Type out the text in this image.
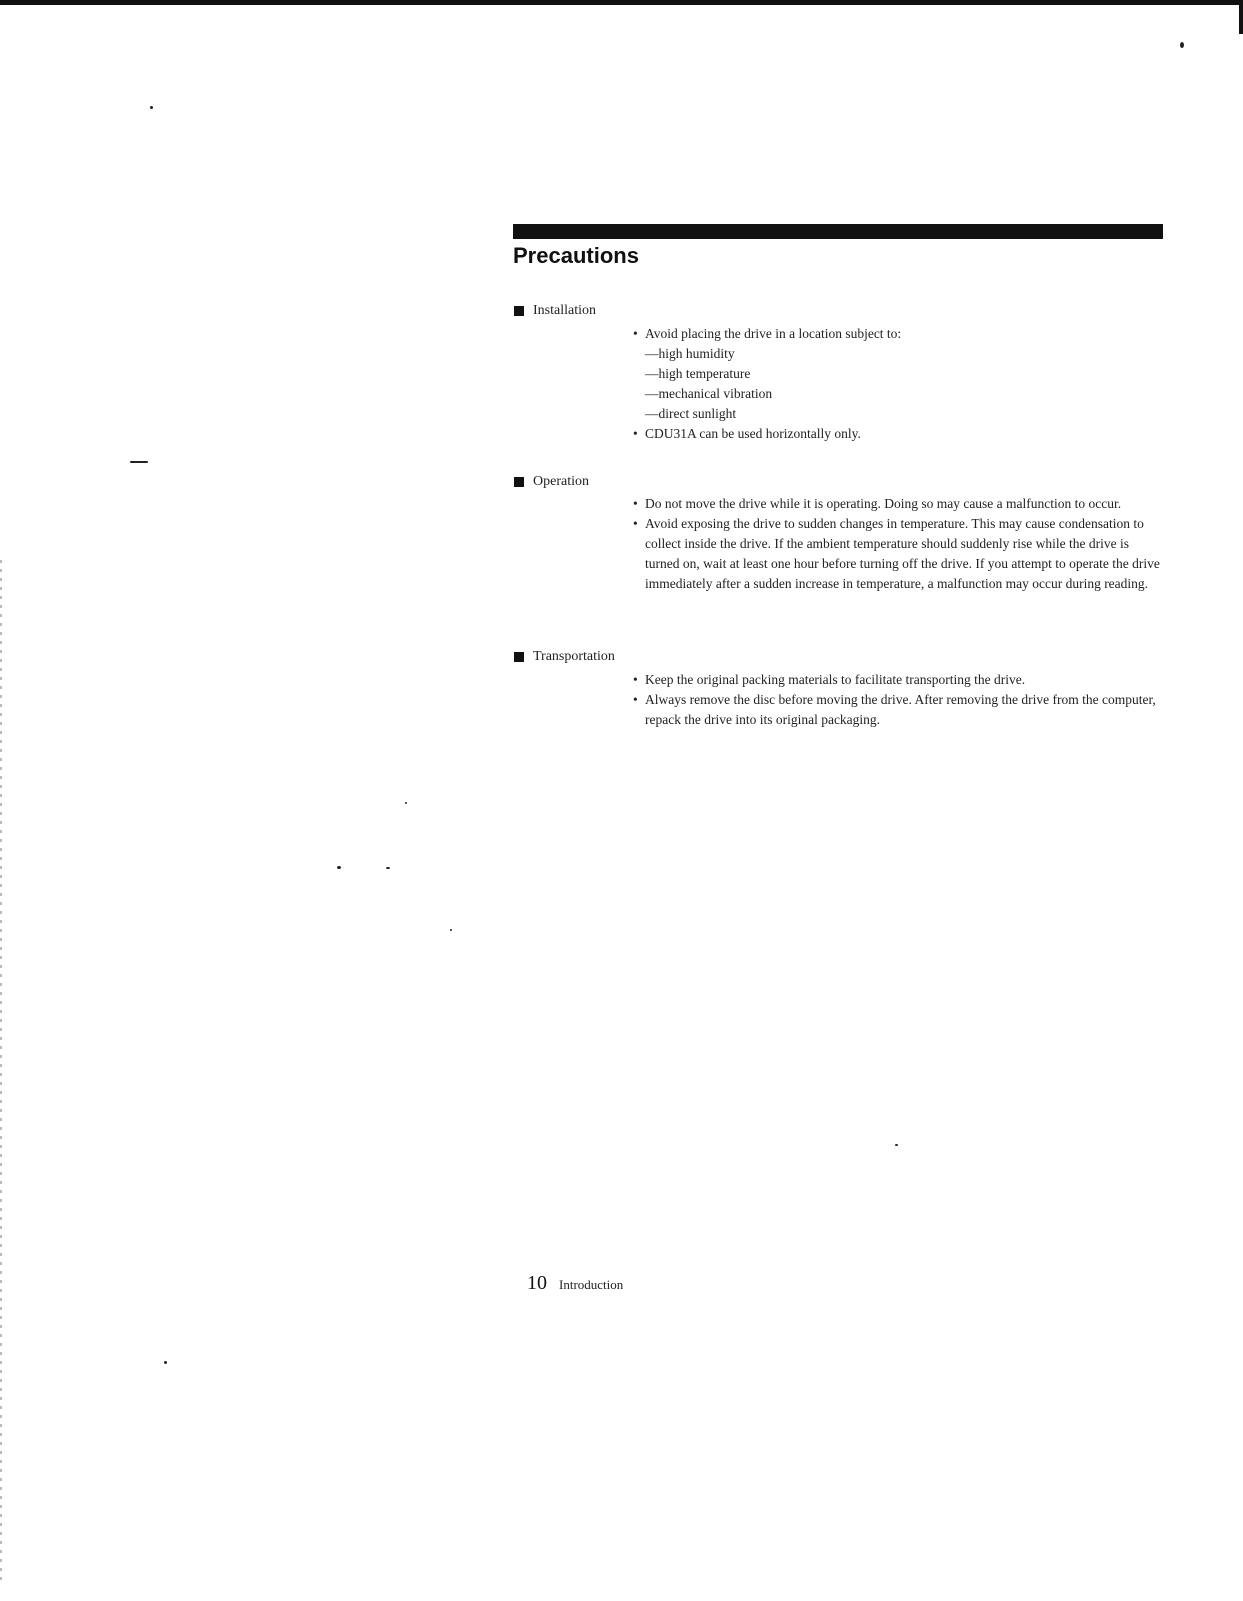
Precautions
Installation
• Avoid placing the drive in a location subject to:
—high humidity
—high temperature
—mechanical vibration
—direct sunlight
• CDU31A can be used horizontally only.
Operation
• Do not move the drive while it is operating. Doing so may cause a malfunction to occur.
• Avoid exposing the drive to sudden changes in temperature. This may cause condensation to collect inside the drive. If the ambient temperature should suddenly rise while the drive is turned on, wait at least one hour before turning off the drive. If you attempt to operate the drive immediately after a sudden increase in temperature, a malfunction may occur during reading.
Transportation
• Keep the original packing materials to facilitate transporting the drive.
• Always remove the disc before moving the drive. After removing the drive from the computer, repack the drive into its original packaging.
10 Introduction
